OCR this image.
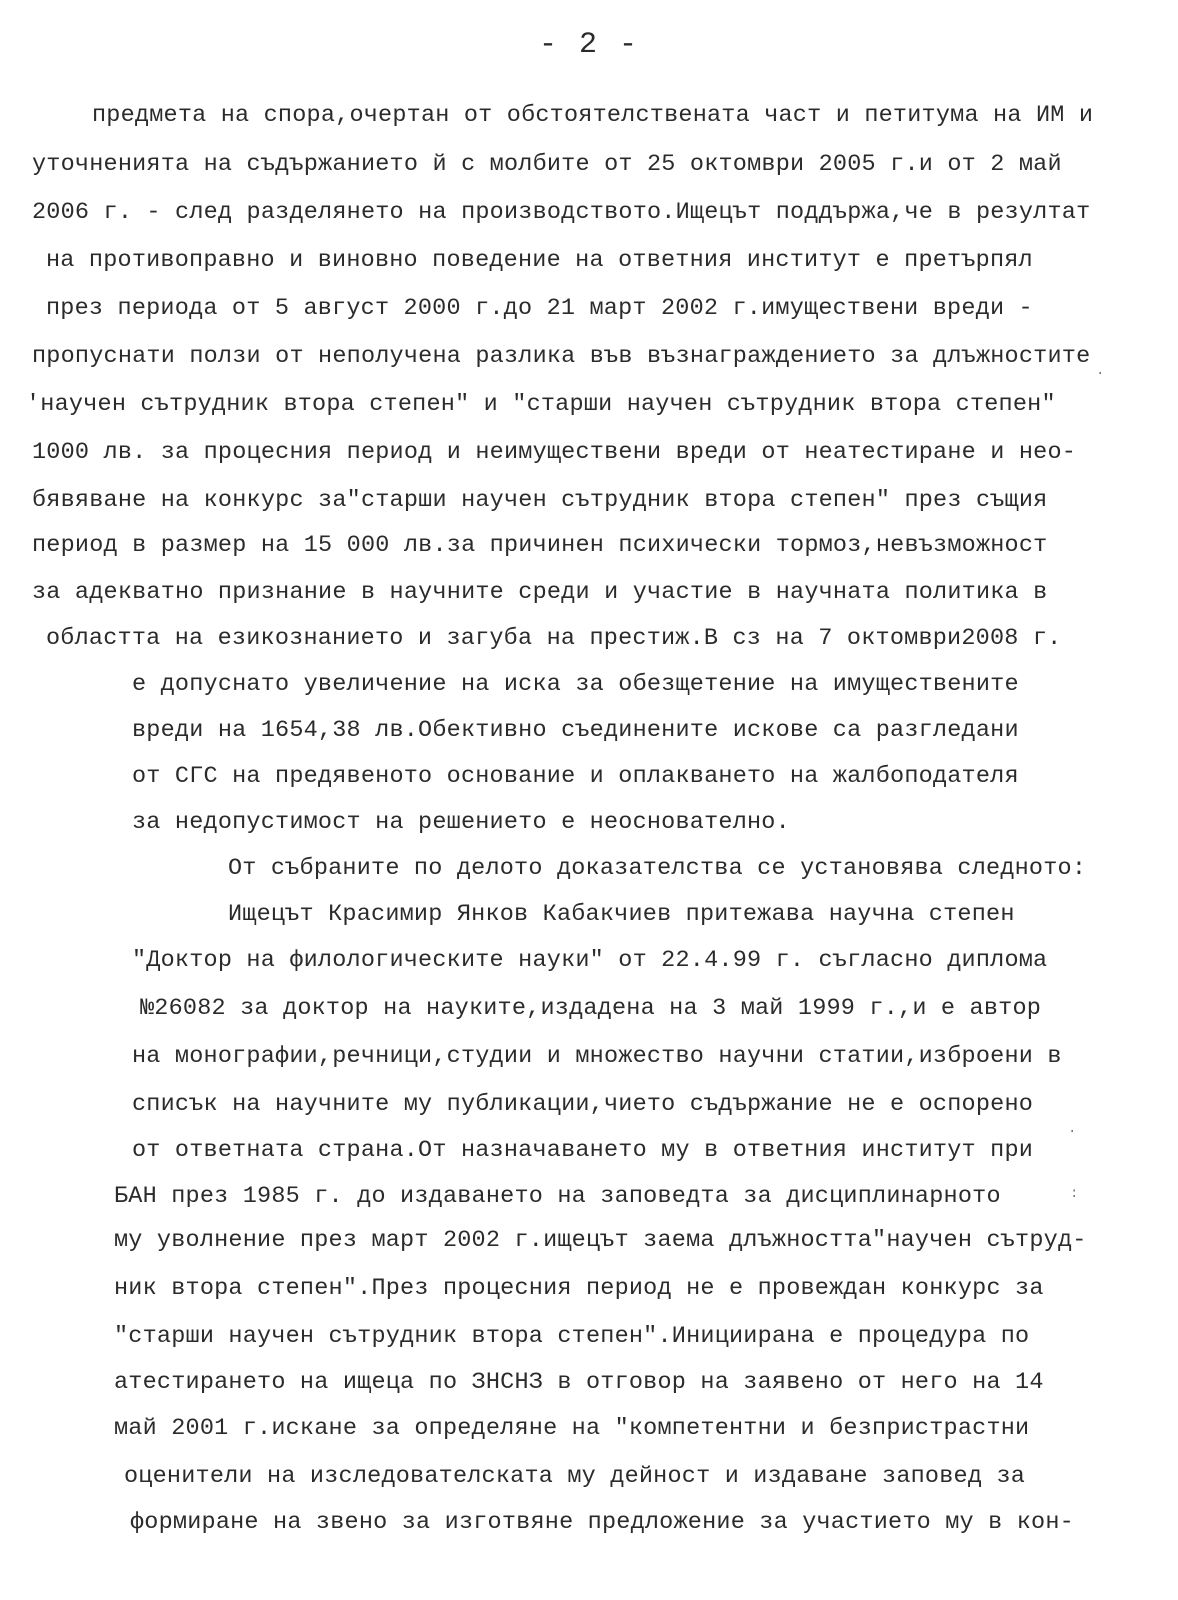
- 2 -
предмета на спора,очертан от обстоятелствената част и петитума на ИМ и
уточненията на съдържанието й с молбите от 25 октомври 2005 г.и от 2 май
2006 г. - след разделянето на производството.Ищецът поддържа,че в резултат
на противоправно и виновно поведение на ответния институт е претърпял
през периода от 5 август 2000 г.до 21 март 2002 г.имуществени вреди -
пропуснати ползи от неполучена разлика във възнаграждението за длъжностите
'научен сътрудник втора степен" и "старши научен сътрудник втора степен"
1000 лв. за процесния период и неимуществени вреди от неатестиране и нео-
бявяване на конкурс за"старши научен сътрудник втора степен" през същия
период в размер на 15 000 лв.за причинен психически тормоз,невъзможност
за адекватно признание в научните среди и участие в научната политика в
областта на езикознанието и загуба на престиж.В сз на 7 октомври2008 г.
е допуснато увеличение на иска за обезщетение на имуществените
вреди на 1654,38 лв.Обективно съединените искове са разгледани
от СГС на предявеното основание и оплакването на жалбоподателя
за недопустимост на решението е неоснователно.
От събраните по делото доказателства се установява следното:
Ищецът Красимир Янков Кабакчиев притежава научна степен
"Доктор на филологическите науки" от 22.4.99 г. съгласно диплома
№26082 за доктор на науките,издадена на 3 май 1999 г.,и е автор
на монографии,речници,студии и множество научни статии,изброени в
списък на научните му публикации,чието съдържание не е оспорено
от ответната страна.От назначаването му в ответния институт при
БАН през 1985 г. до издаването на заповедта за дисциплинарното
му уволнение през март 2002 г.ищецът заема длъжността"научен сътруд-
ник втора степен".През процесния период не е провеждан конкурс за
"старши научен сътрудник втора степен".Инициирана е процедура по
атестирането на ищеца по ЗНСНЗ в отговор на заявено от него на 14
май 2001 г.искане за определяне на "компетентни и безпристрастни
оценители на изследователската му дейност и издаване заповед за
формиране на звено за изготвяне предложение за участието му в кон-
·
·
:
